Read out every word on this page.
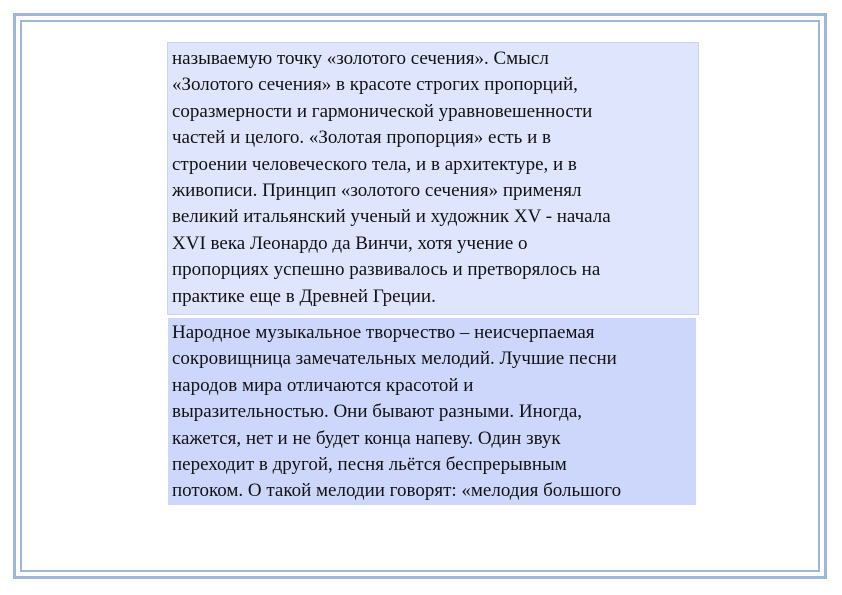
называемую точку «золотого сечения». Смысл
«Золотого сечения» в красоте строгих пропорций,
соразмерности и гармонической уравновешенности
частей и целого. «Золотая пропорция» есть и в
строении человеческого тела, и в архитектуре, и в
живописи. Принцип «золотого сечения» применял
великий итальянский ученый и художник XV - начала
XVI века Леонардо да Винчи, хотя учение о
пропорциях успешно развивалось и претворялось на
практике еще в Древней Греции.
Народное музыкальное творчество – неисчерпаемая
сокровищница замечательных мелодий. Лучшие песни
народов мира отличаются красотой и
выразительностью. Они бывают разными. Иногда,
кажется, нет и не будет конца напеву. Один звук
переходит в другой, песня льётся беспрерывным
потоком. О такой мелодии говорят: «мелодия большого
